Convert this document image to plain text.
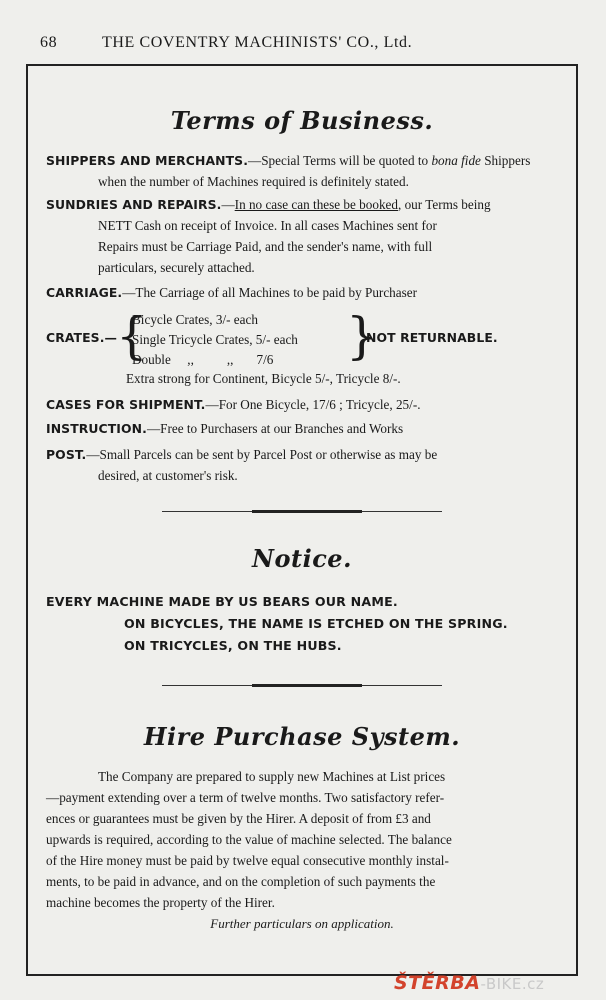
68	THE COVENTRY MACHINISTS' CO., Ltd.
Terms of Business.
SHIPPERS AND MERCHANTS.—Special Terms will be quoted to bona fide Shippers
when the number of Machines required is definitely stated.
SUNDRIES AND REPAIRS.—In no case can these be booked, our Terms being
NETT Cash on receipt of Invoice. In all cases Machines sent for
Repairs must be Carriage Paid, and the sender's name, with full
particulars, securely attached.
CARRIAGE.—The Carriage of all Machines to be paid by Purchaser
CRATES.— {
Bicycle Crates, 3/- each
Single Tricycle Crates, 5/- each
Double     ,,          ,,       7/6	}
NOT RETURNABLE.
Extra strong for Continent, Bicycle 5/-, Tricycle 8/-.
CASES FOR SHIPMENT.—For One Bicycle, 17/6 ; Tricycle, 25/-.
INSTRUCTION.—Free to Purchasers at our Branches and Works
POST.—Small Parcels can be sent by Parcel Post or otherwise as may be
desired, at customer's risk.
Notice.
EVERY MACHINE MADE BY US BEARS OUR NAME.
ON BICYCLES, THE NAME IS ETCHED ON THE SPRING.
ON TRICYCLES, ON THE HUBS.
Hire Purchase System.
The Company are prepared to supply new Machines at List prices
—payment extending over a term of twelve months. Two satisfactory refer-
ences or guarantees must be given by the Hirer. A deposit of from £3 and
upwards is required, according to the value of machine selected. The balance
of the Hire money must be paid by twelve equal consecutive monthly instal-
ments, to be paid in advance, and on the completion of such payments the
machine becomes the property of the Hirer.
Further particulars on application.
ŠTĚRBA-BIKE.cz
